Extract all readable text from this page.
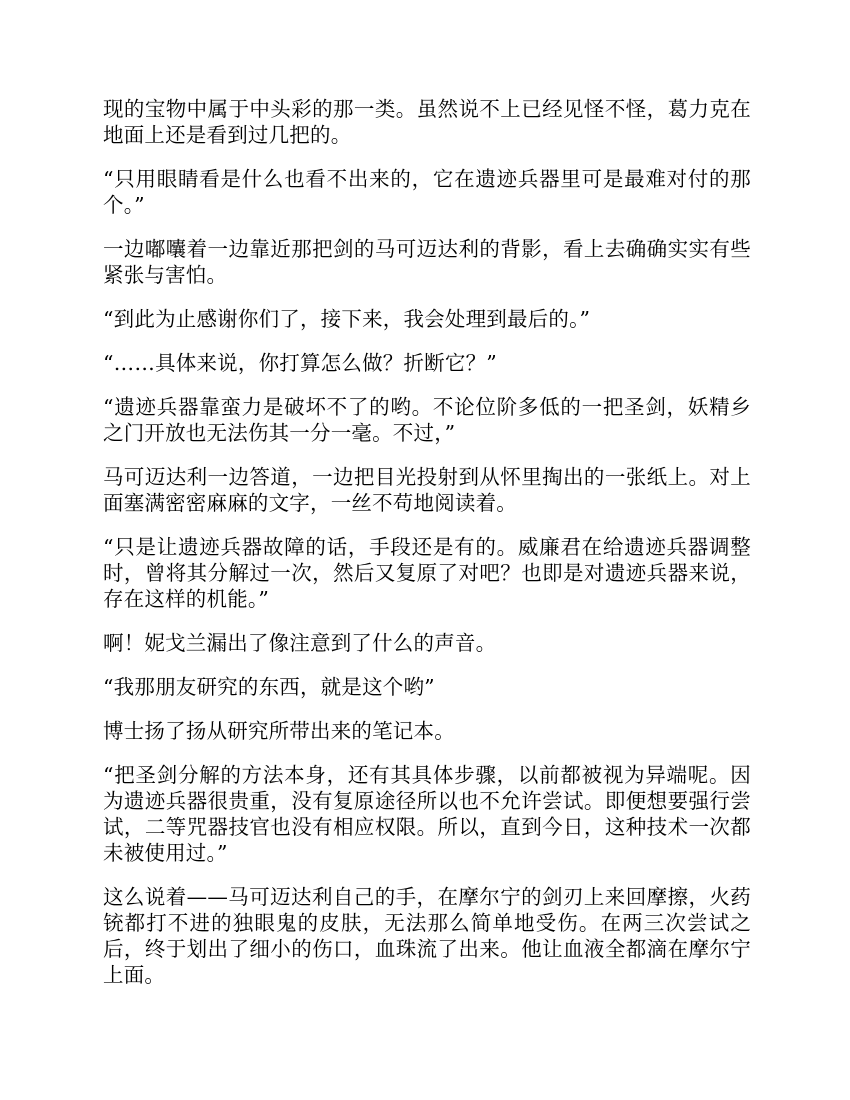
现的宝物中属于中头彩的那一类。虽然说不上已经见怪不怪，葛力克在地面上还是看到过几把的。

“只用眼睛看是什么也看不出来的，它在遗迹兵器里可是最难对付的那个。”

一边嘟囔着一边靠近那把剑的马可迈达利的背影，看上去确确实实有些紧张与害怕。

“到此为止感谢你们了，接下来，我会处理到最后的。”

“……具体来说，你打算怎么做？折断它？”

“遗迹兵器靠蛮力是破坏不了的哟。不论位阶多低的一把圣剑，妖精乡之门开放也无法伤其一分一毫。不过，”

马可迈达利一边答道，一边把目光投射到从怀里掏出的一张纸上。对上面塞满密密麻麻的文字，一丝不苟地阅读着。

“只是让遗迹兵器故障的话，手段还是有的。威廉君在给遗迹兵器调整时，曾将其分解过一次，然后又复原了对吧？也即是对遗迹兵器来说，存在这样的机能。”

啊！妮戈兰漏出了像注意到了什么的声音。

“我那朋友研究的东西，就是这个哟”

博士扬了扬从研究所带出来的笔记本。

“把圣剑分解的方法本身，还有其具体步骤，以前都被视为异端呢。因为遗迹兵器很贵重，没有复原途径所以也不允许尝试。即便想要强行尝试，二等咒器技官也没有相应权限。所以，直到今日，这种技术一次都未被使用过。”

这么说着——马可迈达利自己的手，在摩尔宁的剑刃上来回摩擦，火药铳都打不进的独眼鬼的皮肤，无法那么简单地受伤。在两三次尝试之后，终于划出了细小的伤口，血珠流了出来。他让血液全都滴在摩尔宁上面。
